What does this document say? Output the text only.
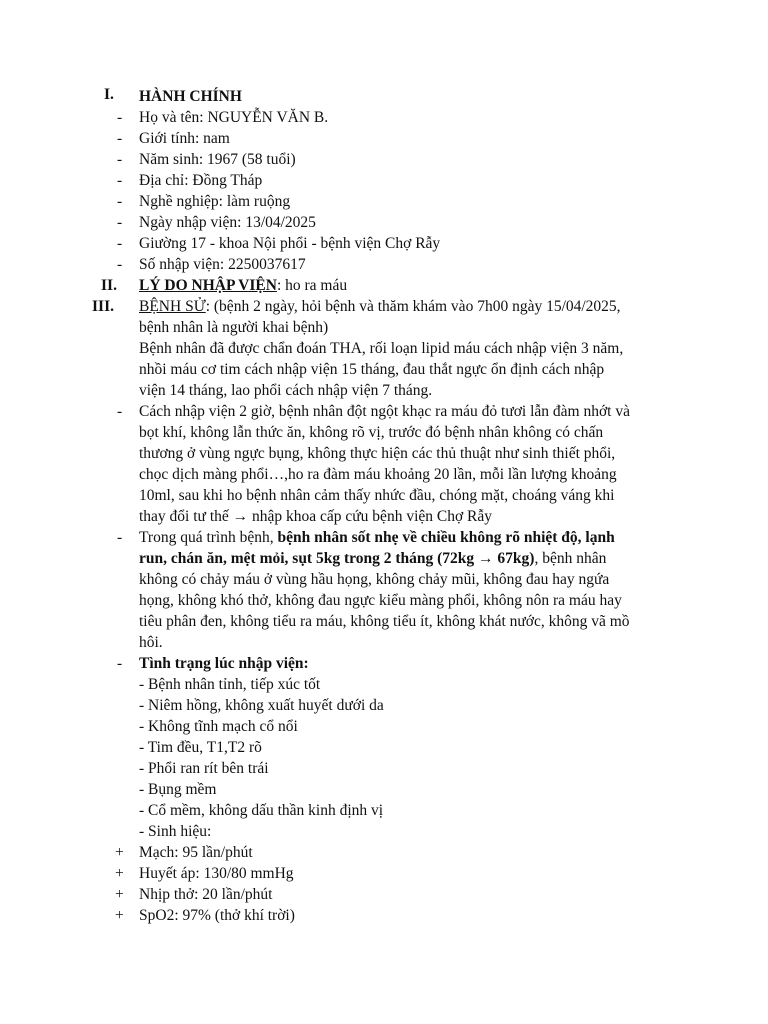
I. HÀNH CHÍNH
- Họ và tên: NGUYỄN VĂN B.
- Giới tính: nam
- Năm sinh: 1967 (58 tuổi)
- Địa chỉ: Đồng Tháp
- Nghề nghiệp: làm ruộng
- Ngày nhập viện: 13/04/2025
- Giường 17 - khoa Nội phổi - bệnh viện Chợ Rẫy
- Số nhập viện: 2250037617
II. LÝ DO NHẬP VIỆN: ho ra máu
III. BỆNH SỬ: (bệnh 2 ngày, hỏi bệnh và thăm khám vào 7h00 ngày 15/04/2025,
bệnh nhân là người khai bệnh)
Bệnh nhân đã được chẩn đoán THA, rối loạn lipid máu cách nhập viện 3 năm,
nhồi máu cơ tim cách nhập viện 15 tháng, đau thắt ngực ổn định cách nhập
viện 14 tháng, lao phổi cách nhập viện 7 tháng.
- Cách nhập viện 2 giờ, bệnh nhân đột ngột khạc ra máu đỏ tươi lẫn đàm nhớt và
bọt khí, không lẫn thức ăn, không rõ vị, trước đó bệnh nhân không có chấn
thương ở vùng ngực bụng, không thực hiện các thủ thuật như sinh thiết phổi,
chọc dịch màng phổi…,ho ra đàm máu khoảng 20 lần, mỗi lần lượng khoảng
10ml, sau khi ho bệnh nhân cảm thấy nhức đầu, chóng mặt, choáng váng khi
thay đổi tư thế → nhập khoa cấp cứu bệnh viện Chợ Rẫy
- Trong quá trình bệnh, bệnh nhân sốt nhẹ về chiều không rõ nhiệt độ, lạnh
run, chán ăn, mệt mỏi, sụt 5kg trong 2 tháng (72kg → 67kg), bệnh nhân
không có chảy máu ở vùng hầu họng, không chảy mũi, không đau hay ngứa
họng, không khó thở, không đau ngực kiểu màng phổi, không nôn ra máu hay
tiêu phân đen, không tiểu ra máu, không tiểu ít, không khát nước, không vã mồ
hôi.
- Tình trạng lúc nhập viện:
- Bệnh nhân tỉnh, tiếp xúc tốt
- Niêm hồng, không xuất huyết dưới da
- Không tĩnh mạch cổ nổi
- Tim đều, T1,T2 rõ
- Phổi ran rít bên trái
- Bụng mềm
- Cổ mềm, không dấu thần kinh định vị
- Sinh hiệu:
+ Mạch: 95 lần/phút
+ Huyết áp: 130/80 mmHg
+ Nhịp thở: 20 lần/phút
+ SpO2: 97% (thở khí trời)
